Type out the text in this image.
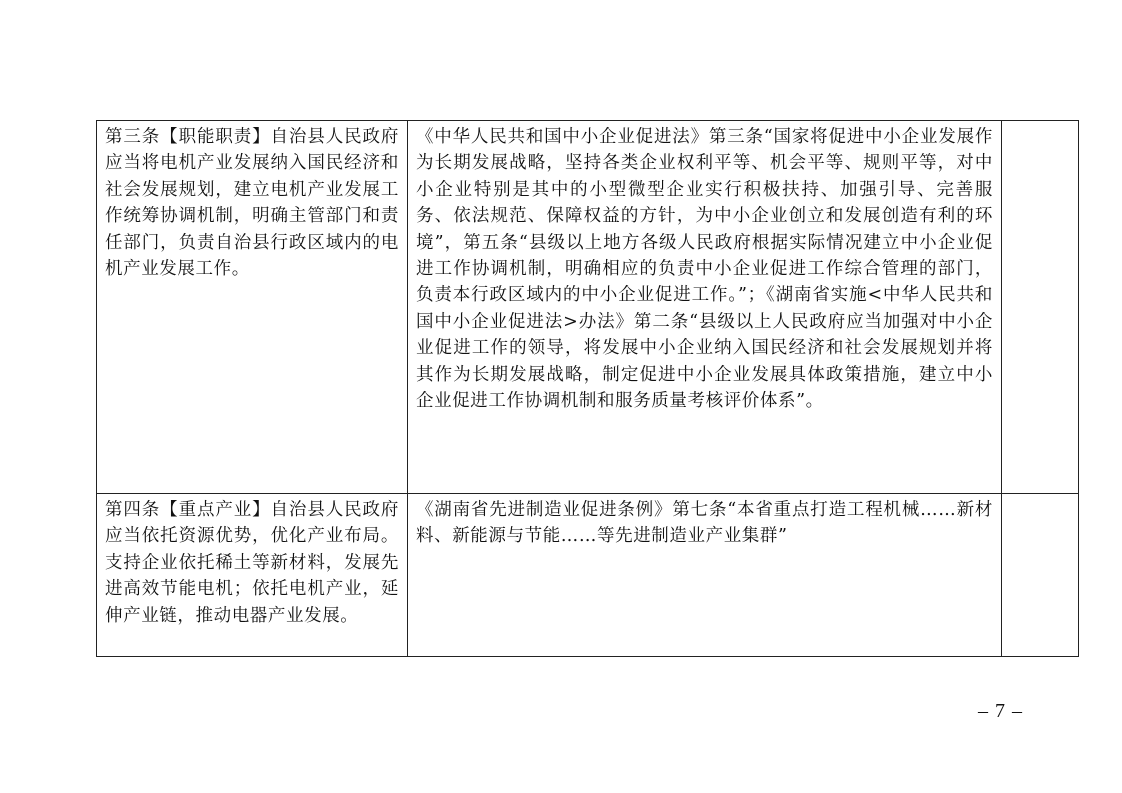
第三条【职能职责】自治县人民政府应当将电机产业发展纳入国民经济和社会发展规划，建立电机产业发展工作统筹协调机制，明确主管部门和责任部门，负责自治县行政区域内的电机产业发展工作。	《中华人民共和国中小企业促进法》第三条“国家将促进中小企业发展作为长期发展战略，坚持各类企业权利平等、机会平等、规则平等，对中小企业特别是其中的小型微型企业实行积极扶持、加强引导、完善服务、依法规范、保障权益的方针，为中小企业创立和发展创造有利的环境”，第五条“县级以上地方各级人民政府根据实际情况建立中小企业促进工作协调机制，明确相应的负责中小企业促进工作综合管理的部门，负责本行政区域内的中小企业促进工作。”；《湖南省实施<中华人民共和国中小企业促进法>办法》第二条“县级以上人民政府应当加强对中小企业促进工作的领导，将发展中小企业纳入国民经济和社会发展规划并将其作为长期发展战略，制定促进中小企业发展具体政策措施，建立中小企业促进工作协调机制和服务质量考核评价体系”。	
第四条【重点产业】自治县人民政府应当依托资源优势，优化产业布局。支持企业依托稀土等新材料，发展先进高效节能电机；依托电机产业，延伸产业链，推动电器产业发展。	《湖南省先进制造业促进条例》第七条“本省重点打造工程机械……新材料、新能源与节能……等先进制造业产业集群”	
– 7 –
